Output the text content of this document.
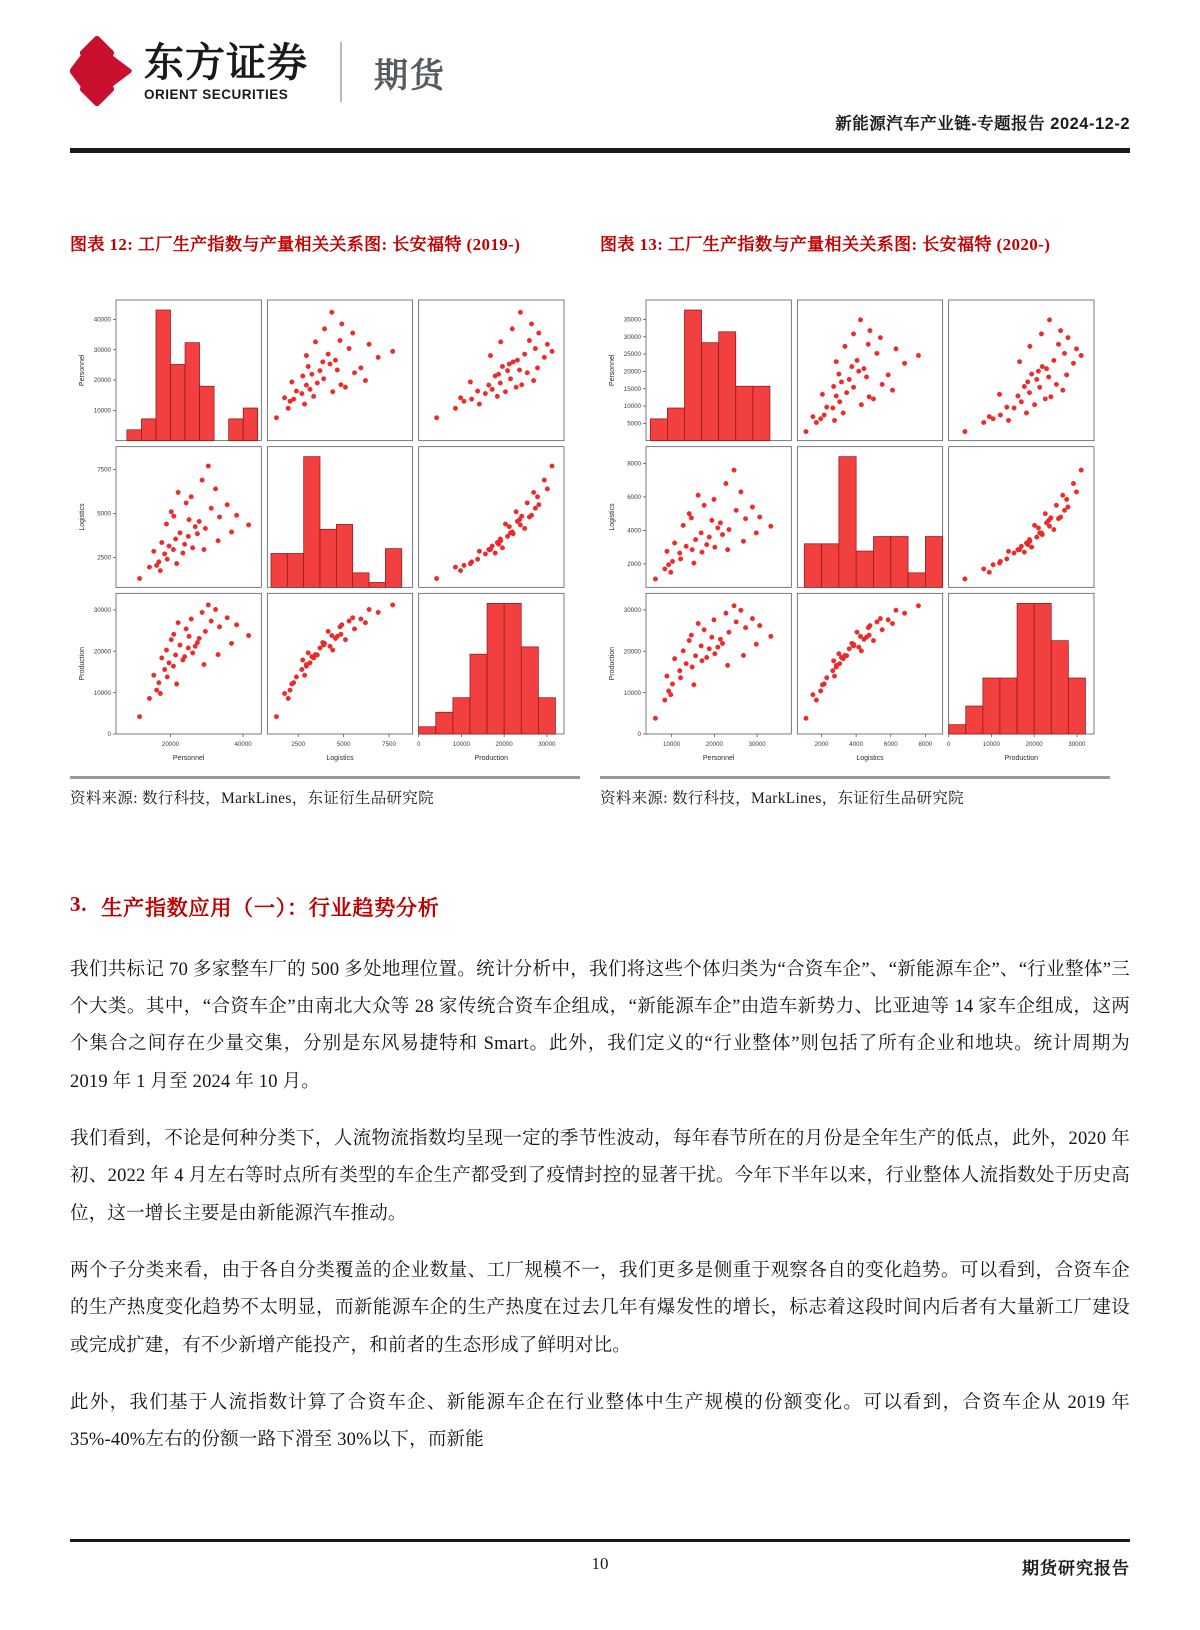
东方证券
ORIENT SECURITIES	期货
新能源汽车产业链-专题报告 2024-12-2
图表 12: 工厂生产指数与产量相关关系图: 长安福特 (2019-)
10000
20000
30000
40000
Personnel
2500
5000
7500
Logistics
0
10000
20000
30000
Production
20000	40000
Personnel
2500	5000	7500
Logistics
0	10000	20000	30000
Production
资料来源: 数行科技，MarkLines，东证衍生品研究院
图表 13: 工厂生产指数与产量相关关系图: 长安福特 (2020-)
5000
10000
15000
20000
25000
30000
35000
Personnel
2000
4000
6000
8000
Logistics
0
10000
20000
30000
Production
10000	20000	30000
Personnel
2000	4000	6000	8000
Logistics
0	10000	20000	30000
Production
资料来源: 数行科技，MarkLines，东证衍生品研究院
3. 生产指数应用（一）：行业趋势分析

我们共标记 70 多家整车厂的 500 多处地理位置。统计分析中，我们将这些个体归类为“合资车企”、“新能源车企”、“行业整体”三个大类。其中，“合资车企”由南北大众等 28 家传统合资车企组成，“新能源车企”由造车新势力、比亚迪等 14 家车企组成，这两个集合之间存在少量交集，分别是东风易捷特和 Smart。此外，我们定义的“行业整体”则包括了所有企业和地块。统计周期为 2019 年 1 月至 2024 年 10 月。

我们看到，不论是何种分类下，人流物流指数均呈现一定的季节性波动，每年春节所在的月份是全年生产的低点，此外，2020 年初、2022 年 4 月左右等时点所有类型的车企生产都受到了疫情封控的显著干扰。今年下半年以来，行业整体人流指数处于历史高位，这一增长主要是由新能源汽车推动。

两个子分类来看，由于各自分类覆盖的企业数量、工厂规模不一，我们更多是侧重于观察各自的变化趋势。可以看到，合资车企的生产热度变化趋势不太明显，而新能源车企的生产热度在过去几年有爆发性的增长，标志着这段时间内后者有大量新工厂建设或完成扩建，有不少新增产能投产，和前者的生态形成了鲜明对比。

此外，我们基于人流指数计算了合资车企、新能源车企在行业整体中生产规模的份额变化。可以看到，合资车企从 2019 年 35%-40%左右的份额一路下滑至 30%以下，而新能

10	期货研究报告
